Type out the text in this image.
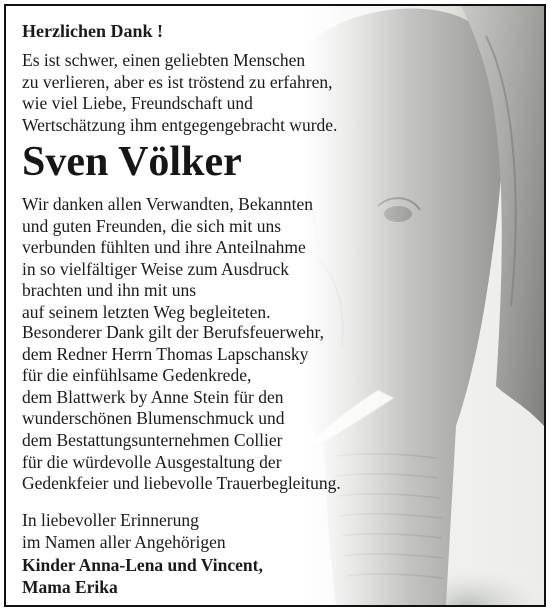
Herzlichen Dank !
Es ist schwer, einen geliebten Menschen
zu verlieren, aber es ist tröstend zu erfahren,
wie viel Liebe, Freundschaft und
Wertschätzung ihm entgegengebracht wurde.
Sven Völker
Wir danken allen Verwandten, Bekannten
und guten Freunden, die sich mit uns
verbunden fühlten und ihre Anteilnahme
in so vielfältiger Weise zum Ausdruck
brachten und ihn mit uns
auf seinem letzten Weg begleiteten.
Besonderer Dank gilt der Berufsfeuerwehr,
dem Redner Herrn Thomas Lapschansky
für die einfühlsame Gedenkrede,
dem Blattwerk by Anne Stein für den
wunderschönen Blumenschmuck und
dem Bestattungsunternehmen Collier
für die würdevolle Ausgestaltung der
Gedenkfeier und liebevolle Trauerbegleitung.
In liebevoller Erinnerung
im Namen aller Angehörigen
Kinder Anna-Lena und Vincent,
Mama Erika
